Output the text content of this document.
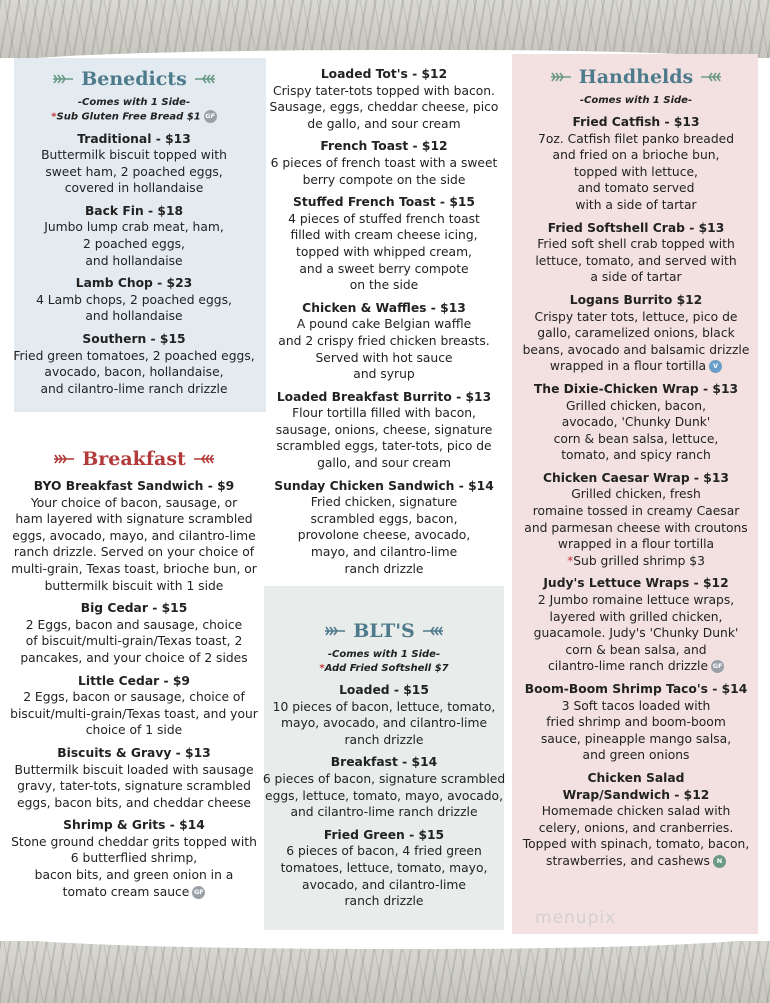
Benedicts
-Comes with 1 Side-
*Sub Gluten Free Bread $1 GF
Traditional - $13
Buttermilk biscuit topped with
sweet ham, 2 poached eggs,
covered in hollandaise
Back Fin - $18
Jumbo lump crab meat, ham,
2 poached eggs,
and hollandaise
Lamb Chop - $23
4 Lamb chops, 2 poached eggs,
and hollandaise
Southern - $15
Fried green tomatoes, 2 poached eggs,
avocado, bacon, hollandaise,
and cilantro-lime ranch drizzle
Breakfast
BYO Breakfast Sandwich - $9
Your choice of bacon, sausage, or
ham layered with signature scrambled
eggs, avocado, mayo, and cilantro-lime
ranch drizzle. Served on your choice of
multi-grain, Texas toast, brioche bun, or
buttermilk biscuit with 1 side
Big Cedar - $15
2 Eggs, bacon and sausage, choice
of biscuit/multi-grain/Texas toast, 2
pancakes, and your choice of 2 sides
Little Cedar - $9
2 Eggs, bacon or sausage, choice of
biscuit/multi-grain/Texas toast, and your
choice of 1 side
Biscuits & Gravy - $13
Buttermilk biscuit loaded with sausage
gravy, tater-tots, signature scrambled
eggs, bacon bits, and cheddar cheese
Shrimp & Grits - $14
Stone ground cheddar grits topped with
6 butterflied shrimp,
bacon bits, and green onion in a
tomato cream sauce GF
Loaded Tot's - $12
Crispy tater-tots topped with bacon.
Sausage, eggs, cheddar cheese, pico
de gallo, and sour cream
French Toast - $12
6 pieces of french toast with a sweet
berry compote on the side
Stuffed French Toast - $15
4 pieces of stuffed french toast
filled with cream cheese icing,
topped with whipped cream,
and a sweet berry compote
on the side
Chicken & Waffles - $13
A pound cake Belgian waffle
and 2 crispy fried chicken breasts.
Served with hot sauce
and syrup
Loaded Breakfast Burrito - $13
Flour tortilla filled with bacon,
sausage, onions, cheese, signature
scrambled eggs, tater-tots, pico de
gallo, and sour cream
Sunday Chicken Sandwich - $14
Fried chicken, signature
scrambled eggs, bacon,
provolone cheese, avocado,
mayo, and cilantro-lime
ranch drizzle
BLT'S
-Comes with 1 Side-
*Add Fried Softshell $7
Loaded - $15
10 pieces of bacon, lettuce, tomato,
mayo, avocado, and cilantro-lime
ranch drizzle
Breakfast - $14
6 pieces of bacon, signature scrambled
eggs, lettuce, tomato, mayo, avocado,
and cilantro-lime ranch drizzle
Fried Green - $15
6 pieces of bacon, 4 fried green
tomatoes, lettuce, tomato, mayo,
avocado, and cilantro-lime
ranch drizzle
Handhelds
-Comes with 1 Side-
Fried Catfish - $13
7oz. Catfish filet panko breaded
and fried on a brioche bun,
topped with lettuce,
and tomato served
with a side of tartar
Fried Softshell Crab - $13
Fried soft shell crab topped with
lettuce, tomato, and served with
a side of tartar
Logans Burrito $12
Crispy tater tots, lettuce, pico de
gallo, caramelized onions, black
beans, avocado and balsamic drizzle
wrapped in a flour tortilla V
The Dixie-Chicken Wrap - $13
Grilled chicken, bacon,
avocado, 'Chunky Dunk'
corn & bean salsa, lettuce,
tomato, and spicy ranch
Chicken Caesar Wrap - $13
Grilled chicken, fresh
romaine tossed in creamy Caesar
and parmesan cheese with croutons
wrapped in a flour tortilla
*Sub grilled shrimp $3
Judy's Lettuce Wraps - $12
2 Jumbo romaine lettuce wraps,
layered with grilled chicken,
guacamole. Judy's 'Chunky Dunk'
corn & bean salsa, and
cilantro-lime ranch drizzle GF
Boom-Boom Shrimp Taco's - $14
3 Soft tacos loaded with
fried shrimp and boom-boom
sauce, pineapple mango salsa,
and green onions
Chicken Salad
Wrap/Sandwich - $12
Homemade chicken salad with
celery, onions, and cranberries.
Topped with spinach, tomato, bacon,
strawberries, and cashews N
menupix
